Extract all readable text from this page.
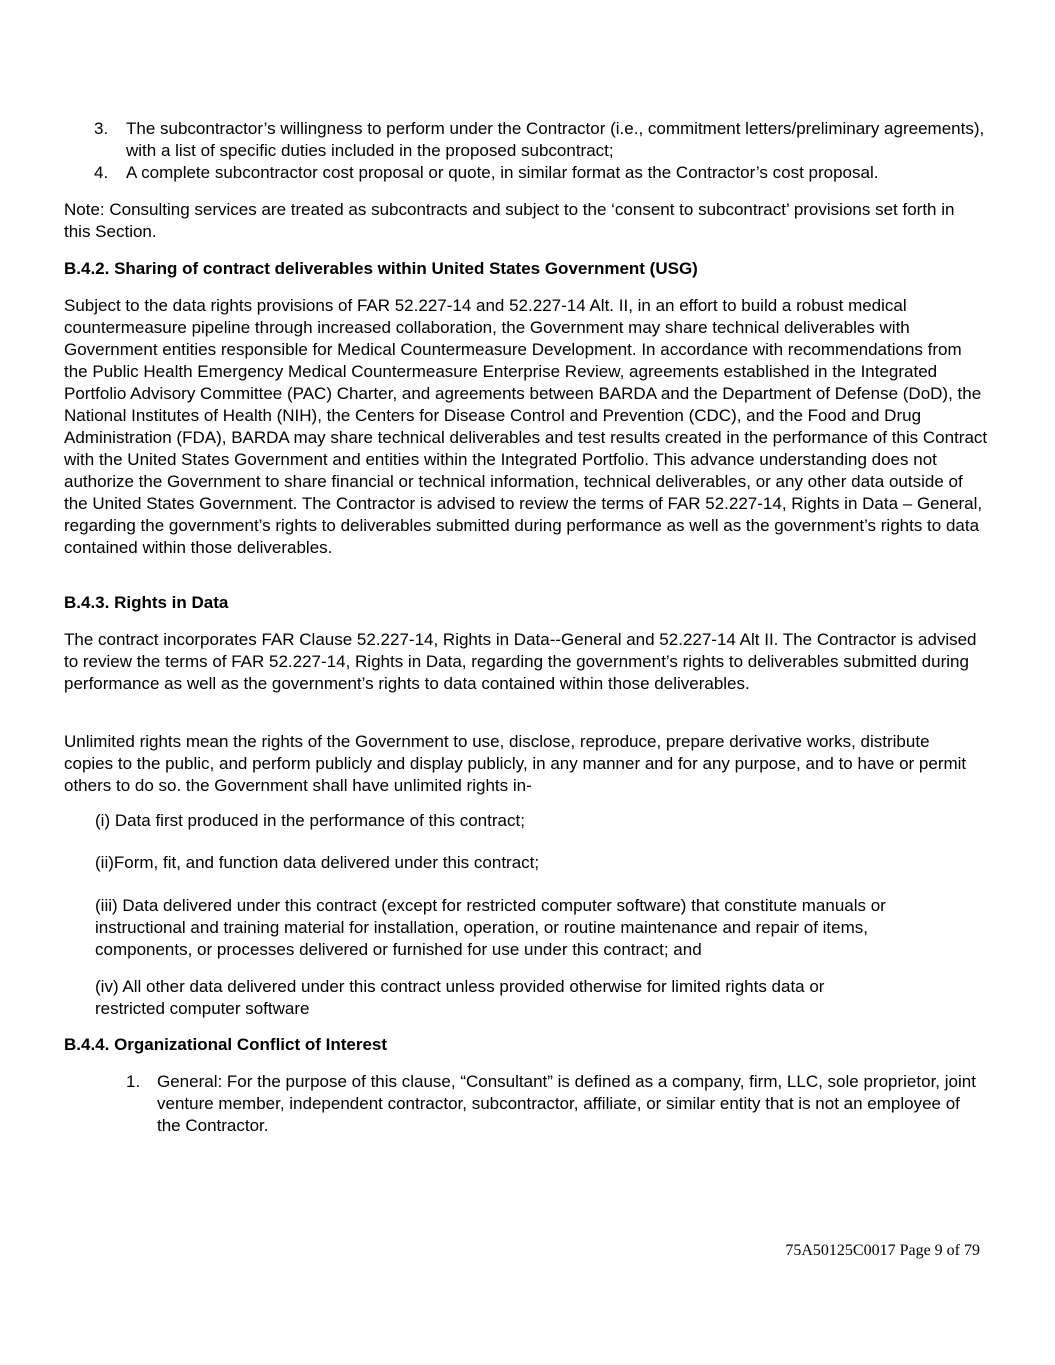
3. The subcontractor’s willingness to perform under the Contractor (i.e., commitment letters/preliminary agreements), with a list of specific duties included in the proposed subcontract;
4. A complete subcontractor cost proposal or quote, in similar format as the Contractor’s cost proposal.
Note: Consulting services are treated as subcontracts and subject to the ‘consent to subcontract’ provisions set forth in this Section.
B.4.2. Sharing of contract deliverables within United States Government (USG)
Subject to the data rights provisions of FAR 52.227-14 and 52.227-14 Alt. II, in an effort to build a robust medical countermeasure pipeline through increased collaboration, the Government may share technical deliverables with Government entities responsible for Medical Countermeasure Development. In accordance with recommendations from the Public Health Emergency Medical Countermeasure Enterprise Review, agreements established in the Integrated Portfolio Advisory Committee (PAC) Charter, and agreements between BARDA and the Department of Defense (DoD), the National Institutes of Health (NIH), the Centers for Disease Control and Prevention (CDC), and the Food and Drug Administration (FDA), BARDA may share technical deliverables and test results created in the performance of this Contract with the United States Government and entities within the Integrated Portfolio. This advance understanding does not authorize the Government to share financial or technical information, technical deliverables, or any other data outside of the United States Government. The Contractor is advised to review the terms of FAR 52.227-14, Rights in Data – General, regarding the government’s rights to deliverables submitted during performance as well as the government’s rights to data contained within those deliverables.
B.4.3. Rights in Data
The contract incorporates FAR Clause 52.227-14, Rights in Data--General and 52.227-14 Alt II. The Contractor is advised to review the terms of FAR 52.227-14, Rights in Data, regarding the government’s rights to deliverables submitted during performance as well as the government’s rights to data contained within those deliverables.
Unlimited rights mean the rights of the Government to use, disclose, reproduce, prepare derivative works, distribute copies to the public, and perform publicly and display publicly, in any manner and for any purpose, and to have or permit others to do so. the Government shall have unlimited rights in-
(i) Data first produced in the performance of this contract;
(ii)Form, fit, and function data delivered under this contract;
(iii) Data delivered under this contract (except for restricted computer software) that constitute manuals or instructional and training material for installation, operation, or routine maintenance and repair of items, components, or processes delivered or furnished for use under this contract; and
(iv) All other data delivered under this contract unless provided otherwise for limited rights data or restricted computer software
B.4.4. Organizational Conflict of Interest
1. General: For the purpose of this clause, “Consultant” is defined as a company, firm, LLC, sole proprietor, joint venture member, independent contractor, subcontractor, affiliate, or similar entity that is not an employee of the Contractor.
75A50125C0017 Page 9 of 79
